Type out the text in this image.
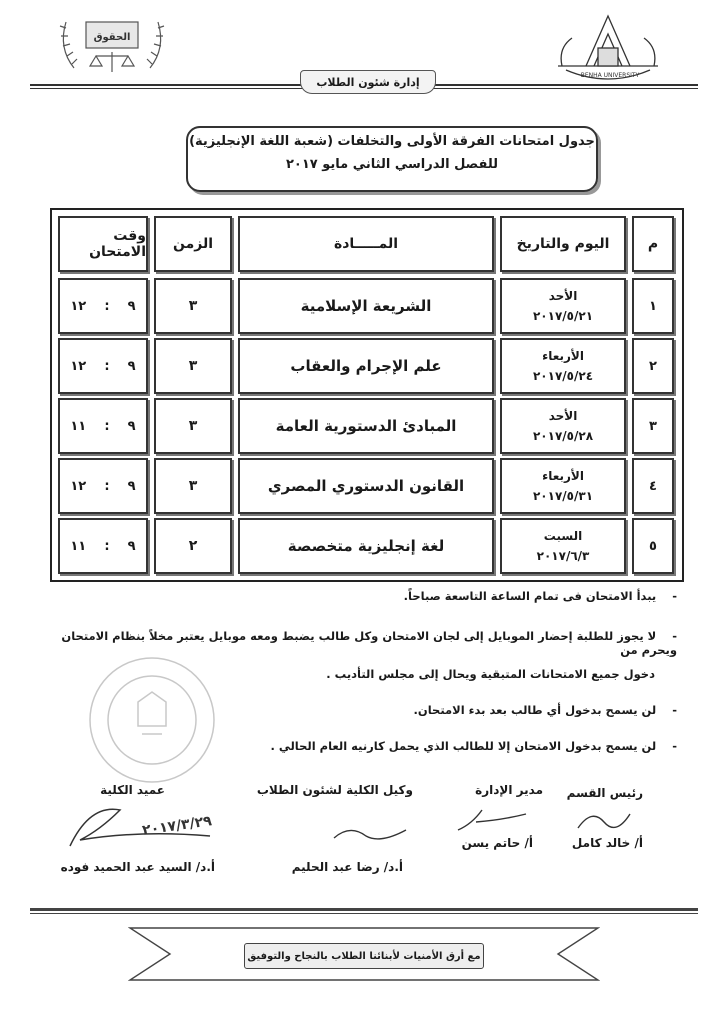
الحقوق
BENHA UNIVERSITY
إدارة شئون الطلاب
جدول امتحانات الفرقة الأولى والتخلفات (شعبة اللغة الإنجليزية)
للفصل الدراسي الثاني مايو ٢٠١٧
م
اليوم والتاريخ
المـــــادة
الزمن
وقت الامتحان
١
الأحد
٢٠١٧/٥/٢١
الشريعة الإسلامية
٣
١٢
:
٩
٢
الأربعاء
٢٠١٧/٥/٢٤
علم الإجرام والعقاب
٣
١٢
:
٩
٣
الأحد
٢٠١٧/٥/٢٨
المبادئ الدستورية العامة
٣
١١
:
٩
٤
الأربعاء
٢٠١٧/٥/٣١
القانون الدستوري المصري
٣
١٢
:
٩
٥
السبت
٢٠١٧/٦/٣
لغة إنجليزية متخصصة
٢
١١
:
٩
-يبدأ الامتحان فى تمام الساعة التاسعة صباحاً.
-لا يجوز للطلبة إحضار الموبايل إلى لجان الامتحان وكل طالب يضبط ومعه موبايل يعتبر مخلاً بنظام الامتحان ويحرم من
دخول جميع الامتحانات المتبقية ويحال إلى مجلس التأديب .
-لن يسمح بدخول أي طالب بعد بدء الامتحان.
-لن يسمح بدخول الامتحان إلا للطالب الذي يحمل كارنيه العام الحالي .
رئيس القسم
مدير الإدارة
وكيل الكلية لشئون الطلاب
عميد الكلية
٢٠١٧/٣/٢٩
أ/ خالد كامل
أ/ حاتم يسن
أ.د/ رضا عبد الحليم
أ.د/ السيد عبد الحميد فوده
مع أرق الأمنيات لأبنائنا الطلاب بالنجاح والتوفيق
